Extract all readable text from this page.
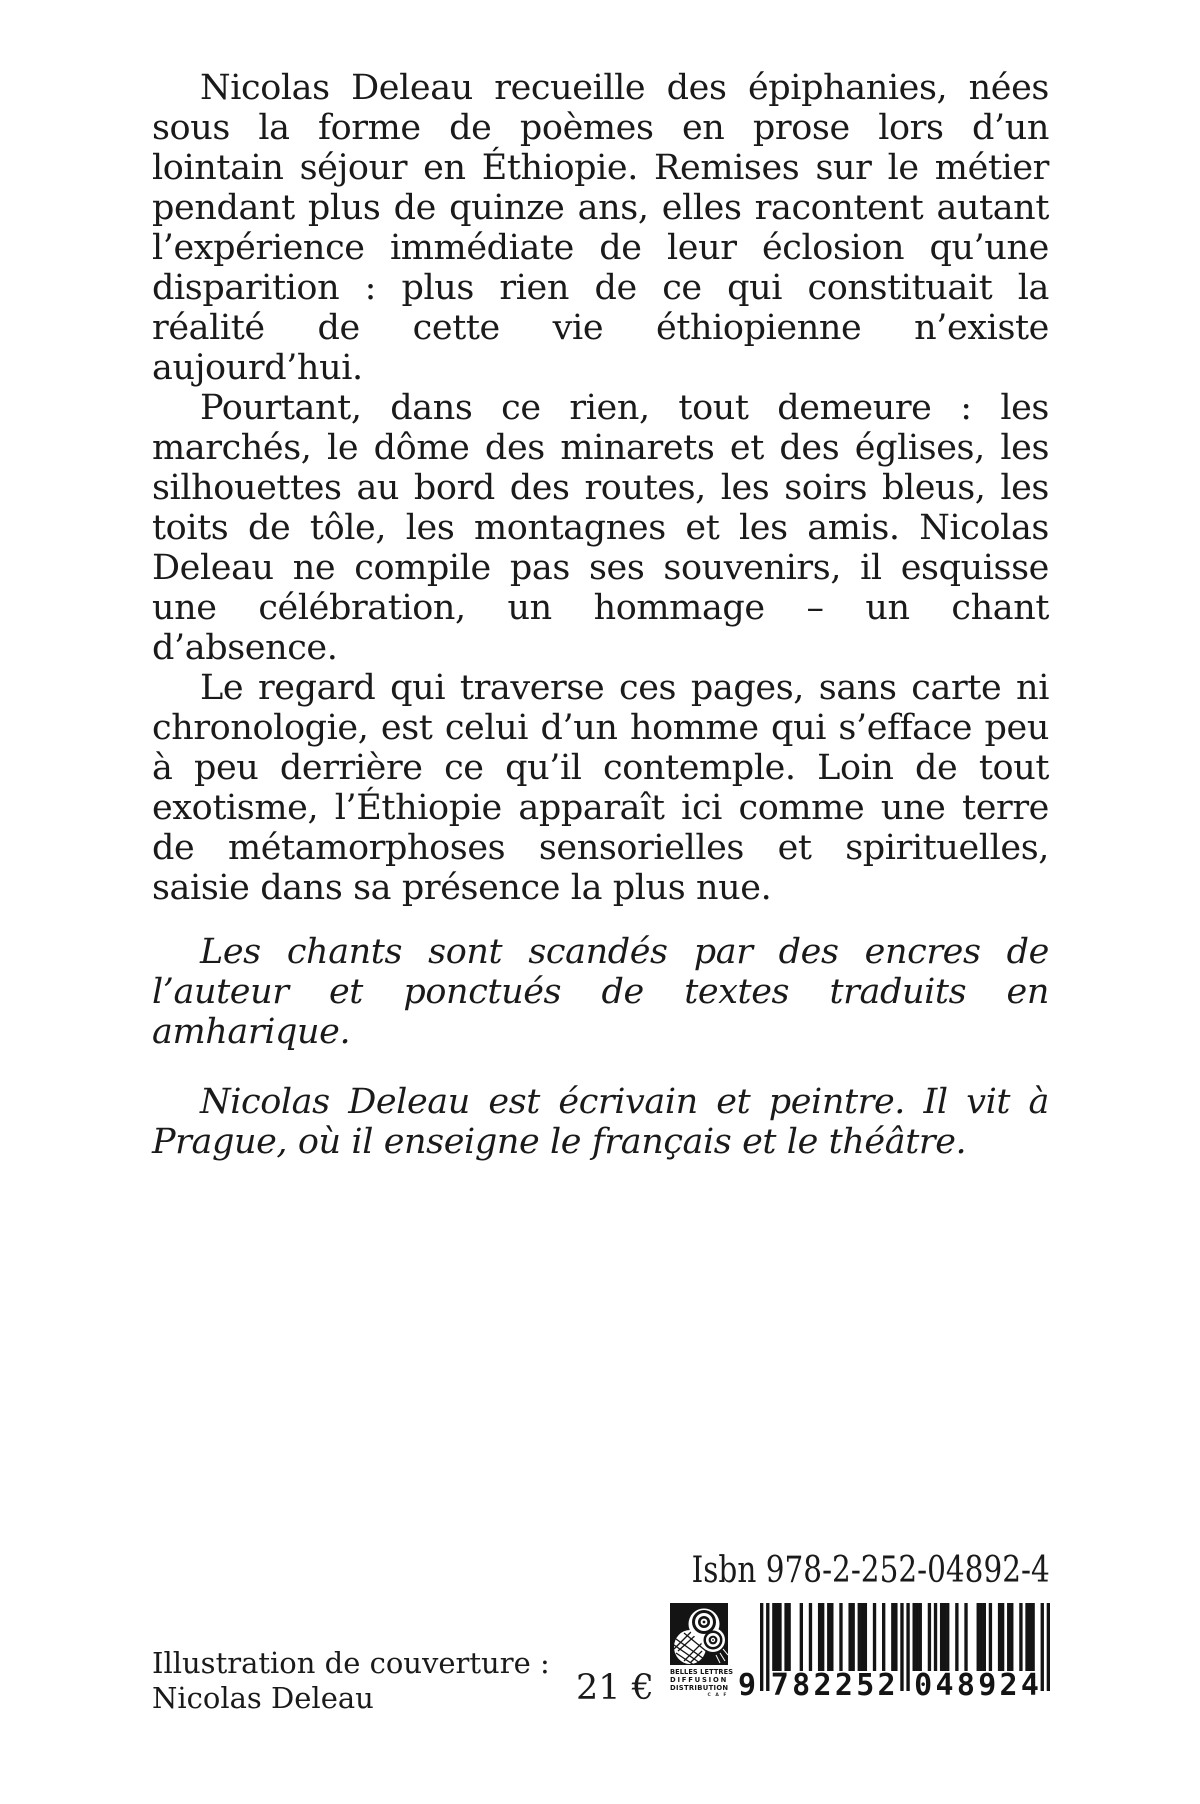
Nicolas Deleau recueille des épiphanies, nées sous la forme de poèmes en prose lors d’un lointain séjour en Éthiopie. Remises sur le métier pendant plus de quinze ans, elles racontent autant l’expérience immédiate de leur éclosion qu’une disparition : plus rien de ce qui constituait la réalité de cette vie éthiopienne n’existe aujourd’hui.

Pourtant, dans ce rien, tout demeure : les marchés, le dôme des minarets et des églises, les silhouettes au bord des routes, les soirs bleus, les toits de tôle, les montagnes et les amis. Nicolas Deleau ne compile pas ses souvenirs, il esquisse une célébration, un hommage – un chant d’absence.

Le regard qui traverse ces pages, sans carte ni chronologie, est celui d’un homme qui s’efface peu à peu derrière ce qu’il contemple. Loin de tout exotisme, l’Éthiopie apparaît ici comme une terre de métamorphoses sensorielles et spirituelles, saisie dans sa présence la plus nue.

Les chants sont scandés par des encres de l’auteur et ponctués de textes traduits en amharique.

Nicolas Deleau est écrivain et peintre. Il vit à Prague, où il enseigne le français et le théâtre.

Isbn 978-2-252-04892-4
21 €
Illustration de couverture :
Nicolas Deleau
BELLES LETTRES
DIFFUSION
DISTRIBUTION
C A F 9 7	0
8	4
2	8
2	9
5	2
2	4
